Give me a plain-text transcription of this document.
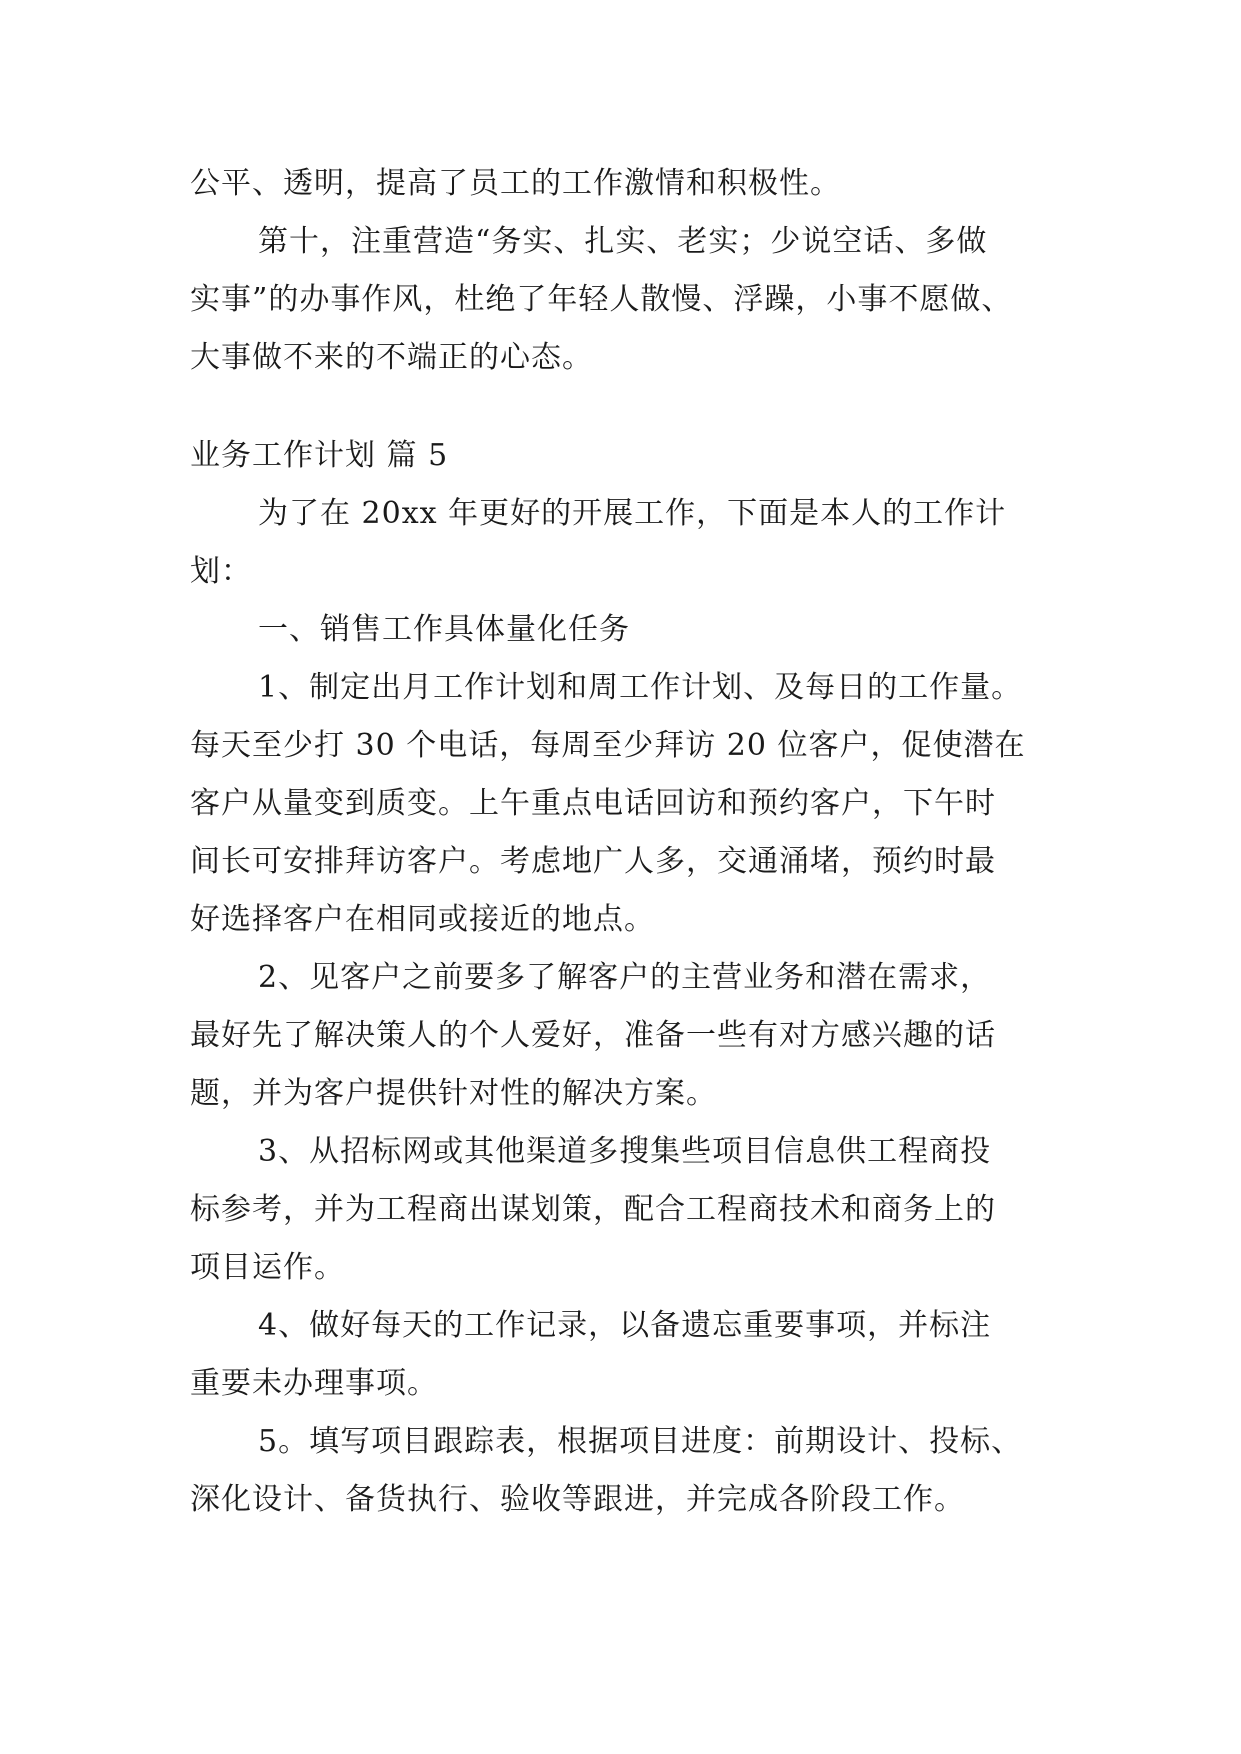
公平、透明，提高了员工的工作激情和积极性。
第十，注重营造“务实、扎实、老实；少说空话、多做
实事”的办事作风，杜绝了年轻人散慢、浮躁，小事不愿做、
大事做不来的不端正的心态。
业务工作计划 篇 5
为了在 20xx 年更好的开展工作，下面是本人的工作计
划：
一、销售工作具体量化任务
1、制定出月工作计划和周工作计划、及每日的工作量。
每天至少打 30 个电话，每周至少拜访 20 位客户，促使潜在
客户从量变到质变。上午重点电话回访和预约客户，下午时
间长可安排拜访客户。考虑地广人多，交通涌堵，预约时最
好选择客户在相同或接近的地点。
2、见客户之前要多了解客户的主营业务和潜在需求，
最好先了解决策人的个人爱好，准备一些有对方感兴趣的话
题，并为客户提供针对性的解决方案。
3、从招标网或其他渠道多搜集些项目信息供工程商投
标参考，并为工程商出谋划策，配合工程商技术和商务上的
项目运作。
4、做好每天的工作记录，以备遗忘重要事项，并标注
重要未办理事项。
5。填写项目跟踪表，根据项目进度：前期设计、投标、
深化设计、备货执行、验收等跟进，并完成各阶段工作。
